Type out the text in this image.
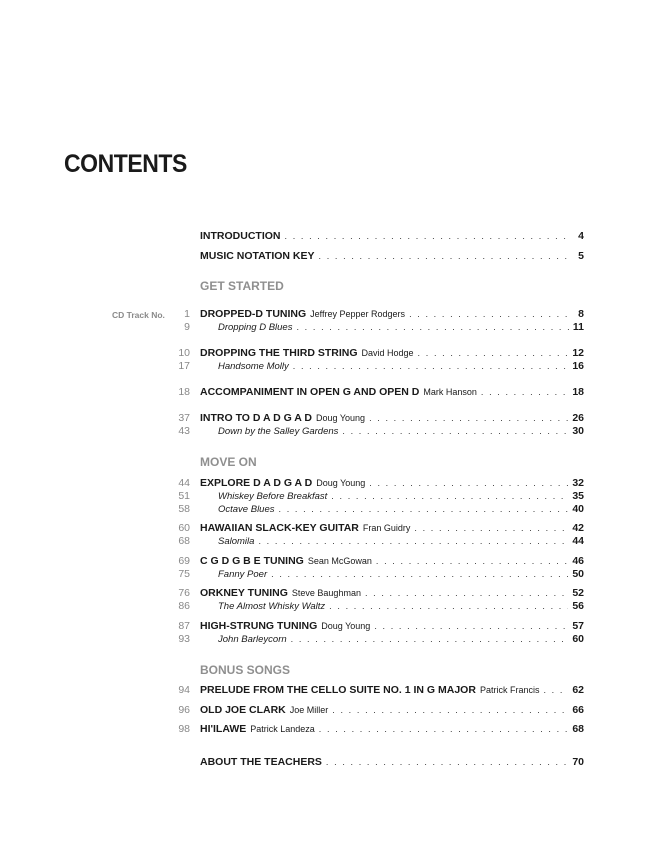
CONTENTS
CD Track No.
INTRODUCTION . . .	4
MUSIC NOTATION KEY . . .	5
GET STARTED
1 DROPPED-D TUNING Jeffrey Pepper Rodgers . . .	8
9	Dropping D Blues . . .	11
10 DROPPING THE THIRD STRING David Hodge . . .	12
17	Handsome Molly . . .	16
18 ACCOMPANIMENT IN OPEN G AND OPEN D Mark Hanson . . .	18
37 INTRO TO D A D G A D Doug Young . . .	26
43	Down by the Salley Gardens . . .	30
MOVE ON
44 EXPLORE D A D G A D Doug Young . . .	32
51	Whiskey Before Breakfast . . .	35
58	Octave Blues . . .	40
60 HAWAIIAN SLACK-KEY GUITAR Fran Guidry . . .	42
68	Salomila . . .	44
69 C G D G B E TUNING Sean McGowan . . .	46
75	Fanny Poer . . .	50
76 ORKNEY TUNING Steve Baughman . . .	52
86	The Almost Whisky Waltz . . .	56
87 HIGH-STRUNG TUNING Doug Young . . .	57
93	John Barleycorn . . .	60
BONUS SONGS
94 PRELUDE FROM THE CELLO SUITE NO. 1 IN G MAJOR Patrick Francis . . .	62
96 OLD JOE CLARK Joe Miller . . .	66
98 HI'ILAWE Patrick Landeza . . .	68
ABOUT THE TEACHERS . . .	70
